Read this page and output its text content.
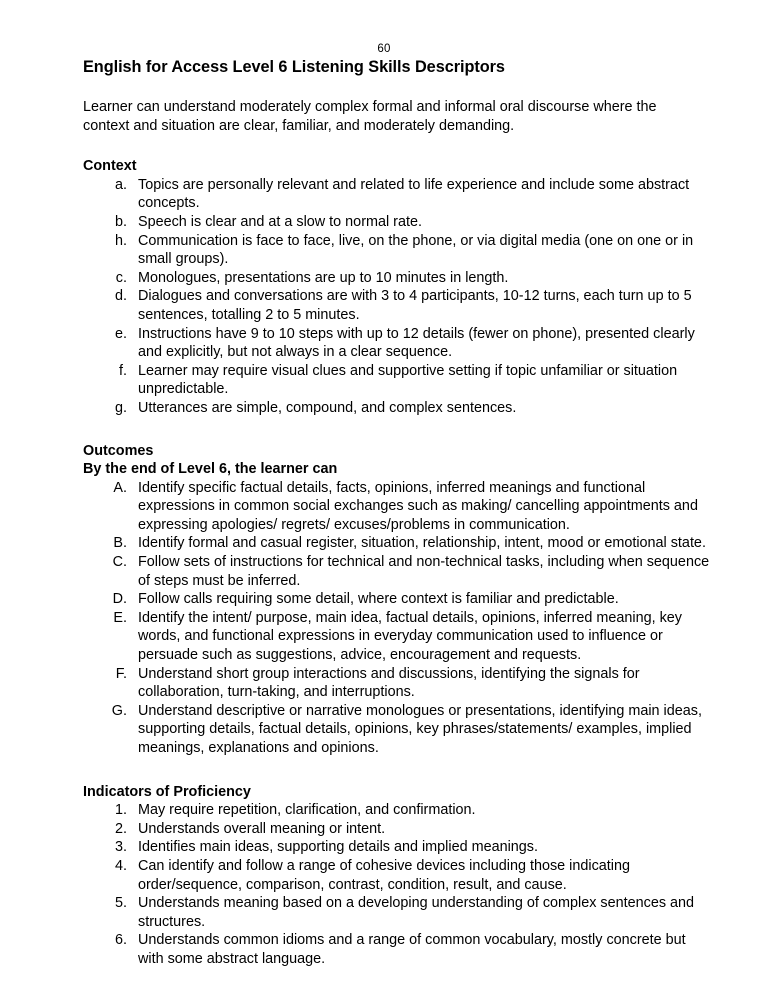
60
English for Access Level 6 Listening Skills Descriptors

Learner can understand moderately complex formal and informal oral discourse where the context and situation are clear, familiar, and moderately demanding.

Context
a. Topics are personally relevant and related to life experience and include some abstract concepts.
b. Speech is clear and at a slow to normal rate.
h. Communication is face to face, live, on the phone, or via digital media (one on one or in small groups).
c. Monologues, presentations are up to 10 minutes in length.
d. Dialogues and conversations are with 3 to 4 participants, 10-12 turns, each turn up to 5 sentences, totalling 2 to 5 minutes.
e. Instructions have 9 to 10 steps with up to 12 details (fewer on phone), presented clearly and explicitly, but not always in a clear sequence.
f. Learner may require visual clues and supportive setting if topic unfamiliar or situation unpredictable.
g. Utterances are simple, compound, and complex sentences.
Outcomes
By the end of Level 6, the learner can
A. Identify specific factual details, facts, opinions, inferred meanings and functional expressions in common social exchanges such as making/ cancelling appointments and  expressing apologies/ regrets/ excuses/problems in communication.
B. Identify formal and casual register, situation, relationship, intent, mood or emotional state.
C. Follow sets of instructions for technical and non-technical tasks, including when sequence of steps must be inferred.
D. Follow calls requiring some detail, where context is familiar and predictable.
E. Identify the intent/ purpose, main idea, factual details, opinions, inferred meaning, key words, and functional expressions in everyday communication used to influence or persuade such as suggestions, advice, encouragement and requests.
F. Understand short group interactions and discussions, identifying the signals for collaboration, turn-taking, and interruptions.
G. Understand descriptive or narrative monologues or presentations, identifying main ideas, supporting details, factual details, opinions, key phrases/statements/ examples, implied meanings, explanations and opinions.
Indicators of Proficiency
1. May require repetition, clarification, and confirmation.
2. Understands overall meaning or intent.
3. Identifies main ideas, supporting details and implied meanings.
4. Can identify and follow a range of cohesive devices including those indicating order/sequence, comparison, contrast, condition, result, and cause.
5. Understands meaning based on a developing understanding of complex sentences and structures.
6. Understands common idioms and a range of common vocabulary, mostly concrete but with some abstract language.
